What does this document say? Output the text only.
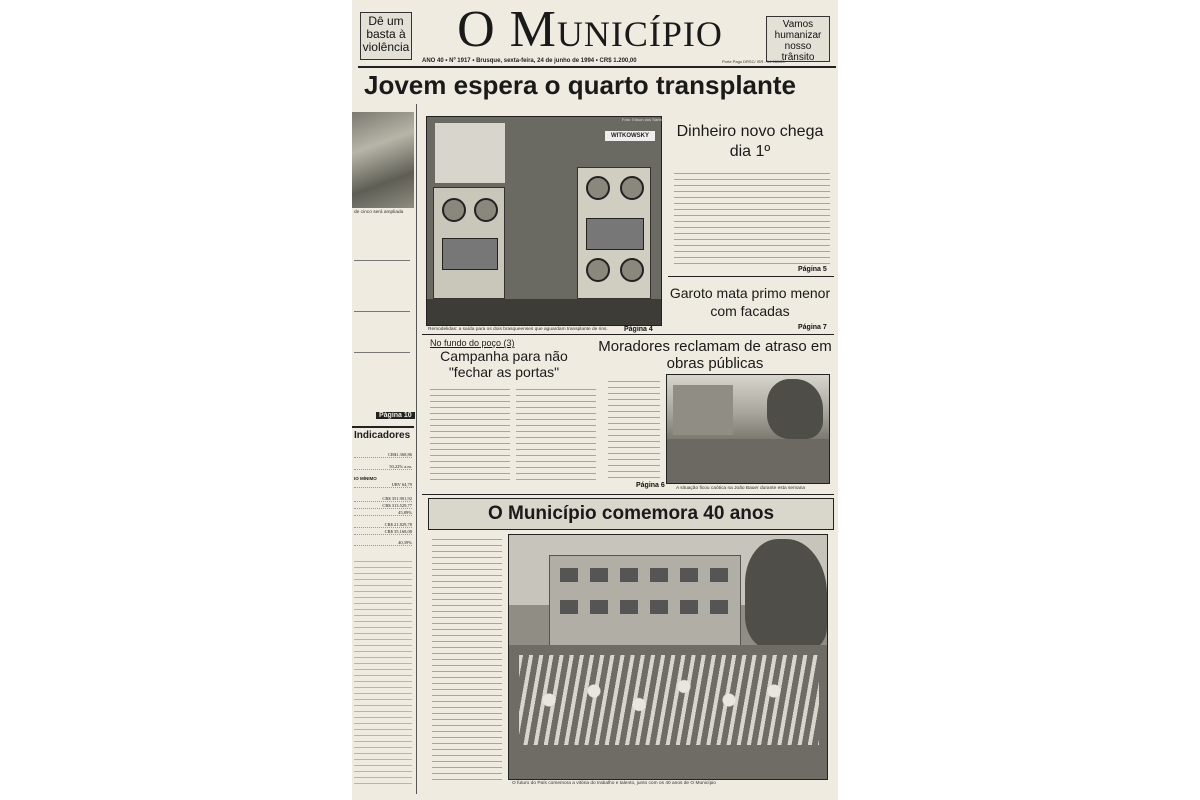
Dê um basta à violência O Município	Vamos humanizar nosso trânsito
ANO 40 • Nº 1917 • Brusque, sexta-feira, 24 de junho de 1994 • CR$ 1.200,00	Porte Pago DRSC/ ISR - 14.560/89
Jovem espera o quarto transplante
de cinco será ampliada
Página 10
Indicadores
IO MÍNIMO
CR$1.368,86
50,22% a.m.
URV 64,79
CR$ 351.901,92
CR$ 313.529,77
45,89%
CR$ 21.829,78
CR$ 35.168,08
40,39%
WITKOWSKY
Foto: Edson dos Santos
Remodelidas: a saída para os dois brasqueenses que aguardam transplante de rins. Página 4
Dinheiro novo chega dia 1º
Página 5
Garoto mata primo menor com facadas
Página 7
No fundo do poço (3)
Campanha para não "fechar as portas"
Moradores reclamam de atraso em obras públicas
A situação ficou caótica na João Bauer durante esta semana
Página 6
O Município comemora 40 anos
O futuro do País comemora a vitória do trabalho e talento, junto com os 40 anos de O Município
